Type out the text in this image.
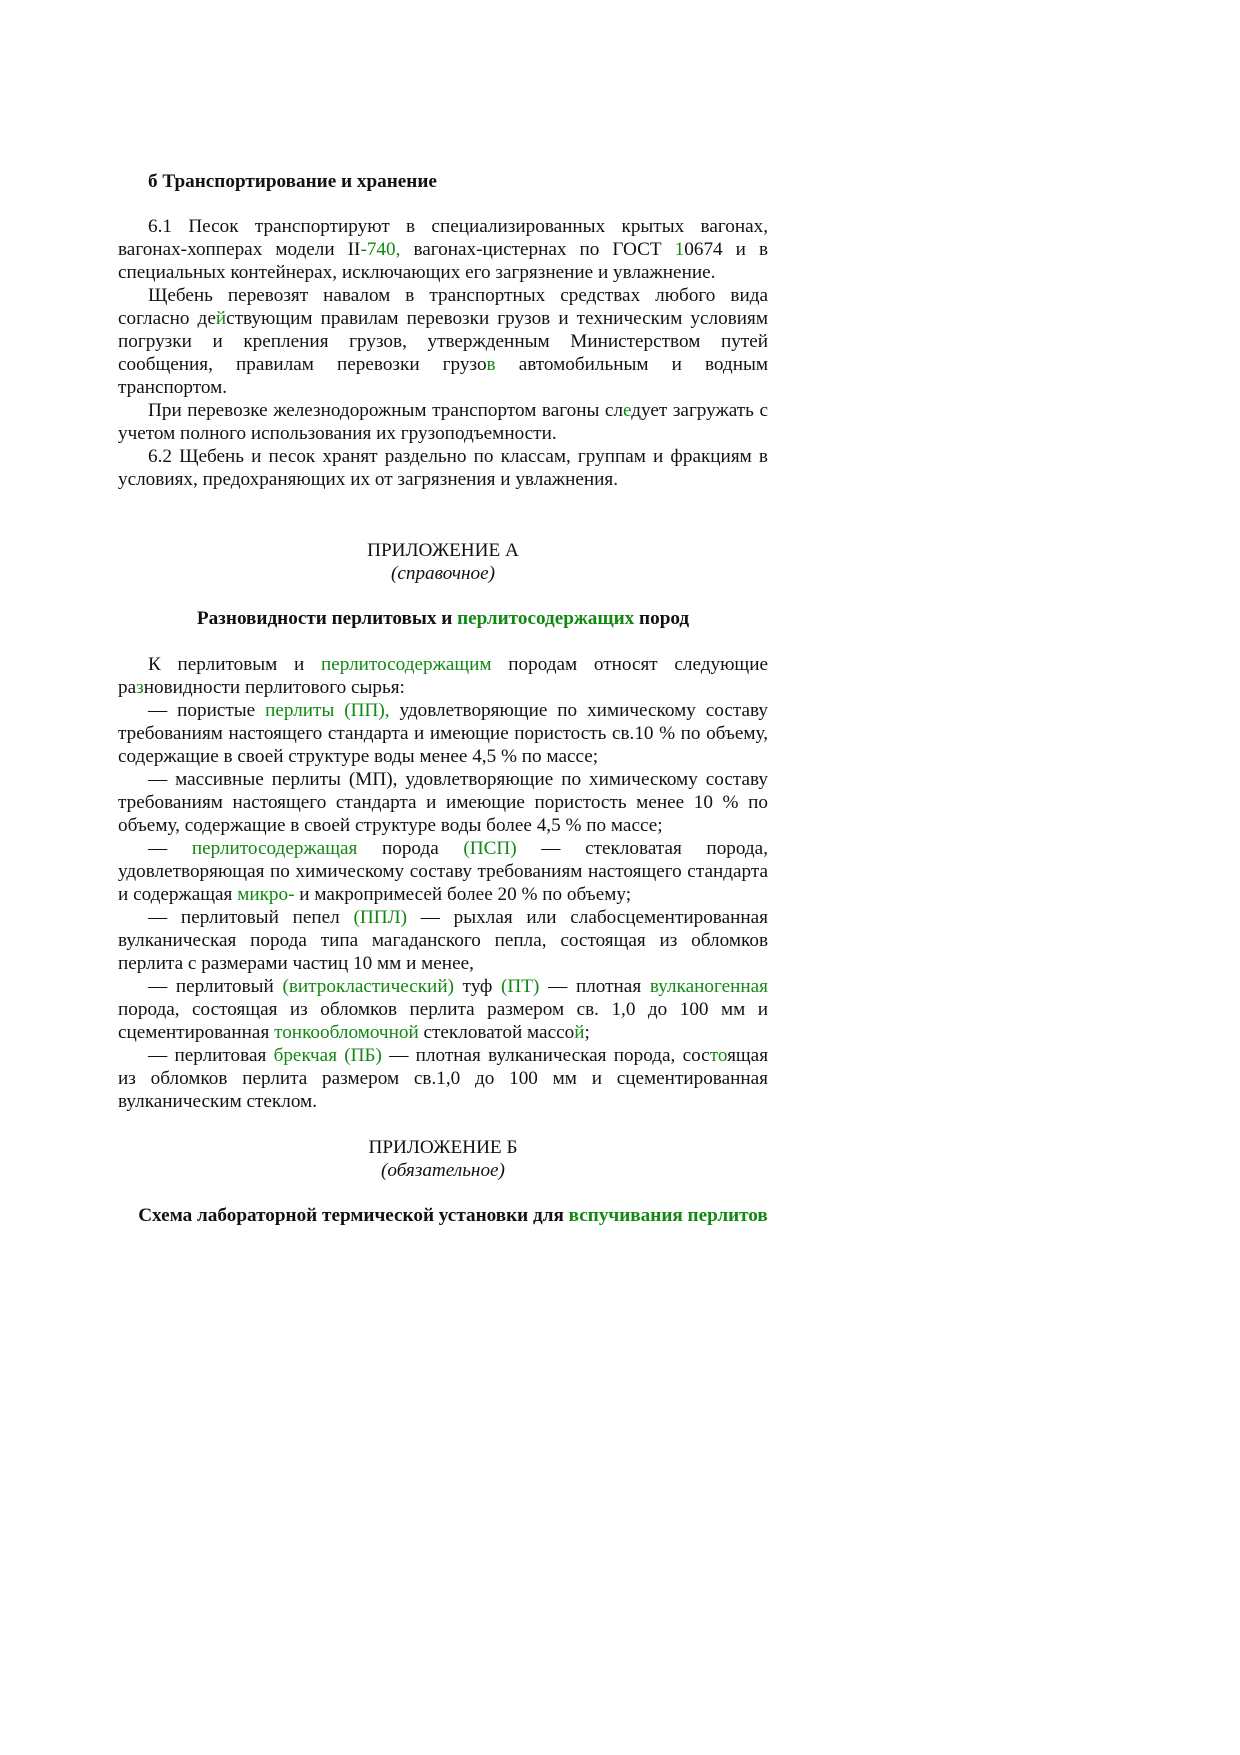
б Транспортирование и хранение

6.1 Песок транспортируют в специализированных крытых вагонах, вагонах-хопперах модели II-740, вагонах-цистернах по ГОСТ 10674 и в специальных контейнерах, исключающих его загрязнение и увлажнение.

Щебень перевозят навалом в транспортных средствах любого вида согласно действующим правилам перевозки грузов и техническим условиям погрузки и крепления грузов, утвержденным Министерством путей сообщения, правилам перевозки грузов автомобильным и водным транспортом.

При перевозке железнодорожным транспортом вагоны следует загружать с учетом полного использования их грузоподъемности.

6.2 Щебень и песок хранят раздельно по классам, группам и фракциям в условиях, предохраняющих их от загрязнения и увлажнения.

ПРИЛОЖЕНИЕ А

(справочное)

Разновидности перлитовых и перлитосодержащих пород

К перлитовым и перлитосодержащим породам относят следующие разновидности перлитового сырья:

— пористые перлиты (ПП), удовлетворяющие по химическому составу требованиям настоящего стандарта и имеющие пористость св.10 % по объему, содержащие в своей структуре воды менее 4,5 % по массе;

— массивные перлиты (МП), удовлетворяющие по химическому составу требованиям настоящего стандарта и имеющие пористость менее 10 % по объему, содержащие в своей структуре воды более 4,5 % по массе;

— перлитосодержащая порода (ПСП) — стекловатая порода, удовлетворяющая по химическому составу требованиям настоящего стандарта и содержащая микро- и макропримесей более 20 % по объему;

— перлитовый пепел (ППЛ) — рыхлая или слабосцементированная вулканическая порода типа магаданского пепла, состоящая из обломков перлита с размерами частиц 10 мм и менее,

— перлитовый (витрокластический) туф (ПТ) — плотная вулканогенная порода, состоящая из обломков перлита размером св. 1,0 до 100 мм и сцементированная тонкообломочной стекловатой массой;

— перлитовая брекчая (ПБ) — плотная вулканическая порода, состоящая из обломков перлита размером св.1,0 до 100 мм и сцементированная вулканическим стеклом.

ПРИЛОЖЕНИЕ Б

(обязательное)

Схема лабораторной термической установки для вспучивания перлитов
